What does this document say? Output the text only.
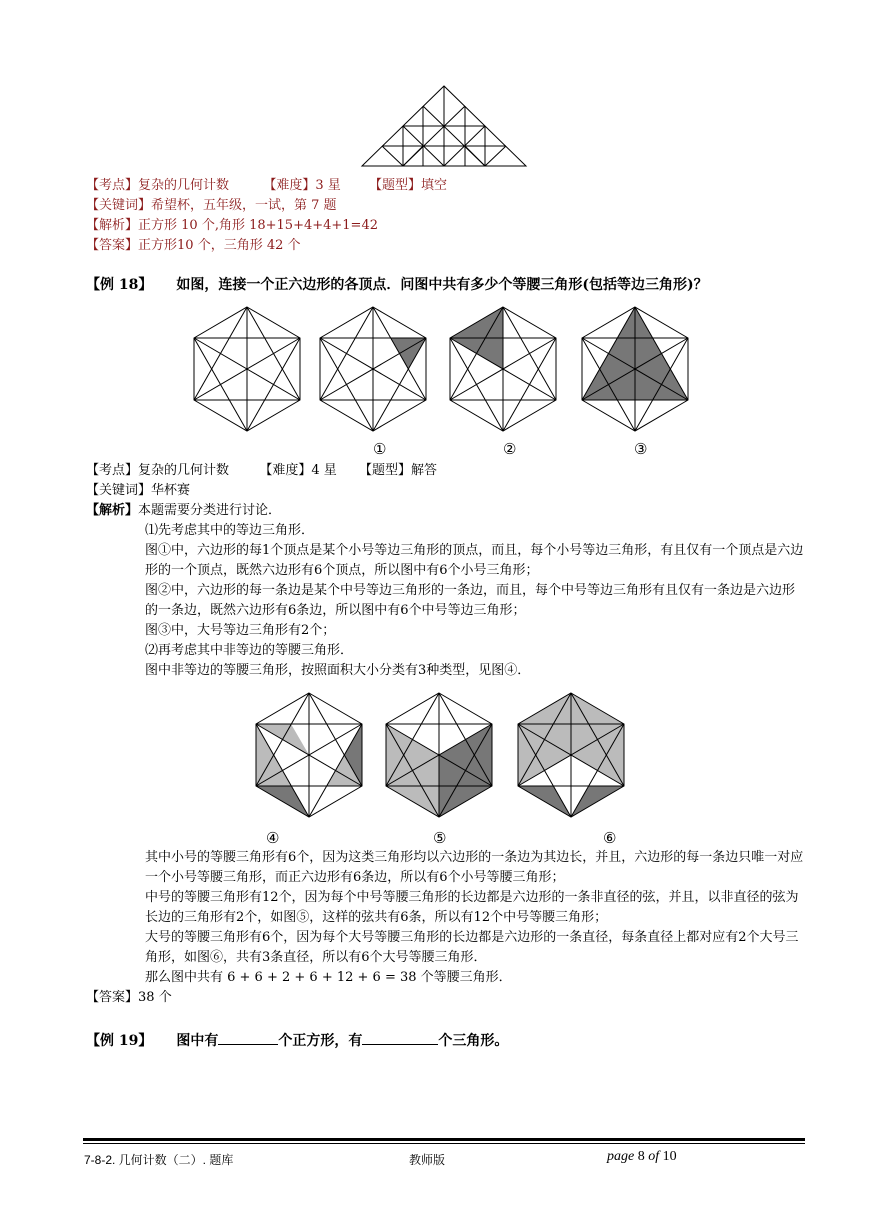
【考点】复杂的几何计数	【难度】3 星 【题型】填空
【关键词】希望杯，五年级，一试，第 7 题
【解析】正方形 10 个,角形 18+15+4+4+1=42
【答案】正方形10 个，三角形 42 个
【例 18】 如图，连接一个正六边形的各顶点．问图中共有多少个等腰三角形(包括等边三角形)？
①	②	③
【考点】复杂的几何计数 【难度】4 星 【题型】解答
【关键词】华杯赛
【解析】本题需要分类进行讨论．
⑴先考虑其中的等边三角形．
图①中，六边形的每1个顶点是某个小号等边三角形的顶点，而且，每个小号等边三角形，有且仅有一个顶点是六边形的一个顶点，既然六边形有6个顶点，所以图中有6个小号三角形；
图②中，六边形的每一条边是某个中号等边三角形的一条边，而且，每个中号等边三角形有且仅有一条边是六边形的一条边，既然六边形有6条边，所以图中有6个中号等边三角形；
图③中，大号等边三角形有2个；
⑵再考虑其中非等边的等腰三角形．
图中非等边的等腰三角形，按照面积大小分类有3种类型，见图④．
④	⑤	⑥
其中小号的等腰三角形有6个，因为这类三角形均以六边形的一条边为其边长，并且，六边形的每一条边只唯一对应一个小号等腰三角形，而正六边形有6条边，所以有6个小号等腰三角形；
中号的等腰三角形有12个，因为每个中号等腰三角形的长边都是六边形的一条非直径的弦，并且，以非直径的弦为长边的三角形有2个，如图⑤，这样的弦共有6条，所以有12个中号等腰三角形；
大号的等腰三角形有6个，因为每个大号等腰三角形的长边都是六边形的一条直径，每条直径上都对应有2个大号三角形，如图⑥，共有3条直径，所以有6个大号等腰三角形．
那么图中共有 6 + 6 + 2 + 6 + 12 + 6 = 38 个等腰三角形．
【答案】38 个
【例 19】 图中有	个正方形，有	个三角形。
7-8-2. 几何计数（二）. 题库	教师版	page 8 of 10
